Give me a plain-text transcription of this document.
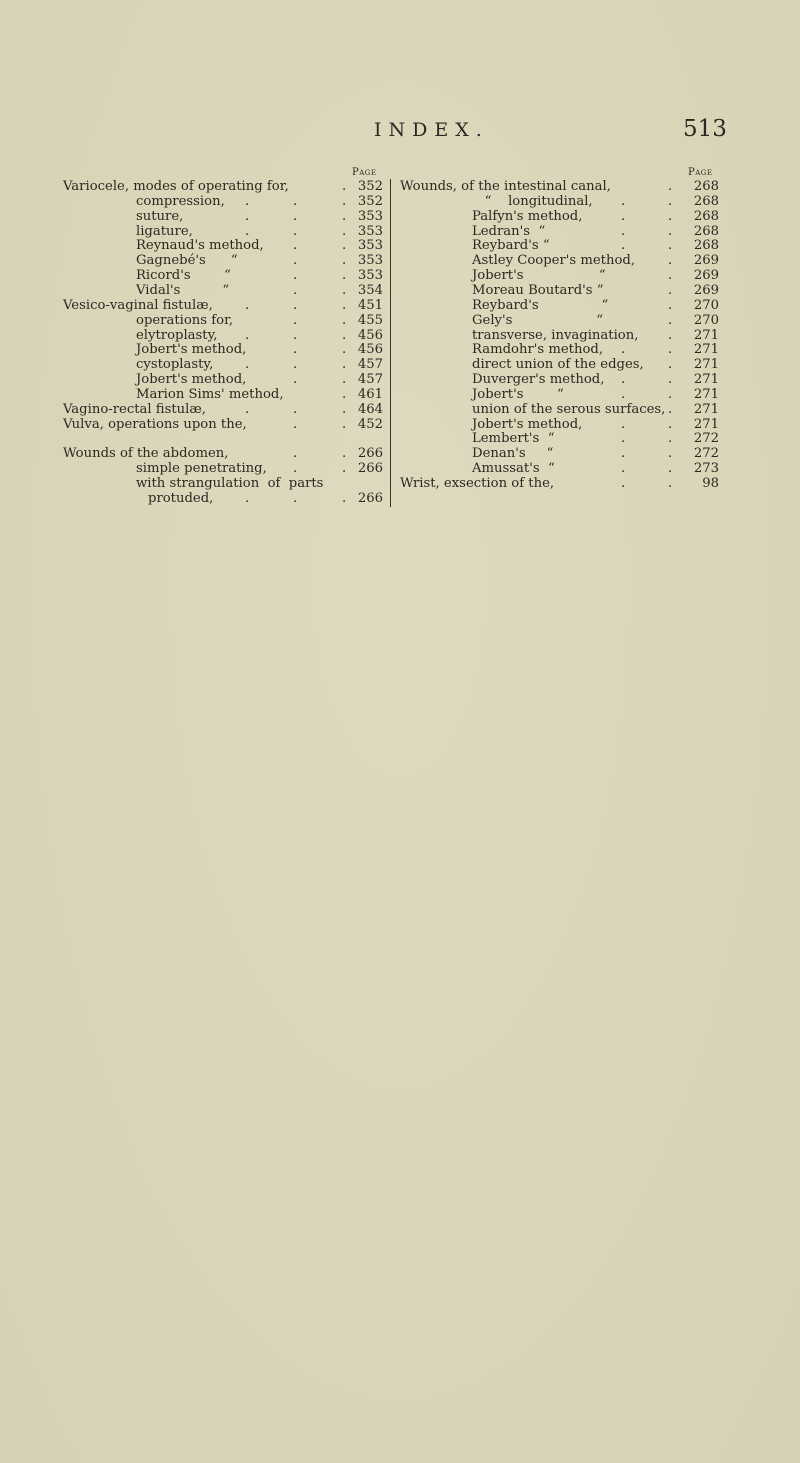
INDEX.	513
Page	Page
Variocele, modes of operating for,	. 352
compression, .	.	. 352
suture,	.	.	. 353
ligature,	.	.	. 353
Reynaud's method, .	. 353
Gagnebé's      “	.	. 353
Ricord's        “	.	. 353
Vidal's          “	.	. 354
Vesico-vaginal fistulæ, .	.	. 451
operations for,	.	. 455
elytroplasty, .	.	. 456
Jobert's method,	.	. 456
cystoplasty, .	.	. 457
Jobert's method,	.	. 457
Marion Sims' method,	. 461
Vagino-rectal fistulæ,	.	.	. 464
Vulva, operations upon the,	.	. 452
Wounds of the abdomen,	.	. 266
simple penetrating, .	. 266
with strangulation  of  parts
protuded, .	.	. 266
Wounds, of the intestinal canal,	.	268
“    longitudinal, .	.	268
Palfyn's method,	.	.	268
Ledran's  “	.	.	268
Reybard's “	.	.	268
Astley Cooper's method, .	269
Jobert's                  “	.	269
Moreau Boutard's “	.	269
Reybard's               “	.	270
Gely's                    “	.	270
transverse, invagination, .	271
Ramdohr's method, .	.	271
direct union of the edges, .	271
Duverger's method, .	.	271
Jobert's        “	.	.	271
union of the serous surfaces, .	271
Jobert's method,	.	.	271
Lembert's  “	.	.	272
Denan's     “	.	.	272
Amussat's  “	.	.	273
Wrist, exsection of the,	.	.	98
